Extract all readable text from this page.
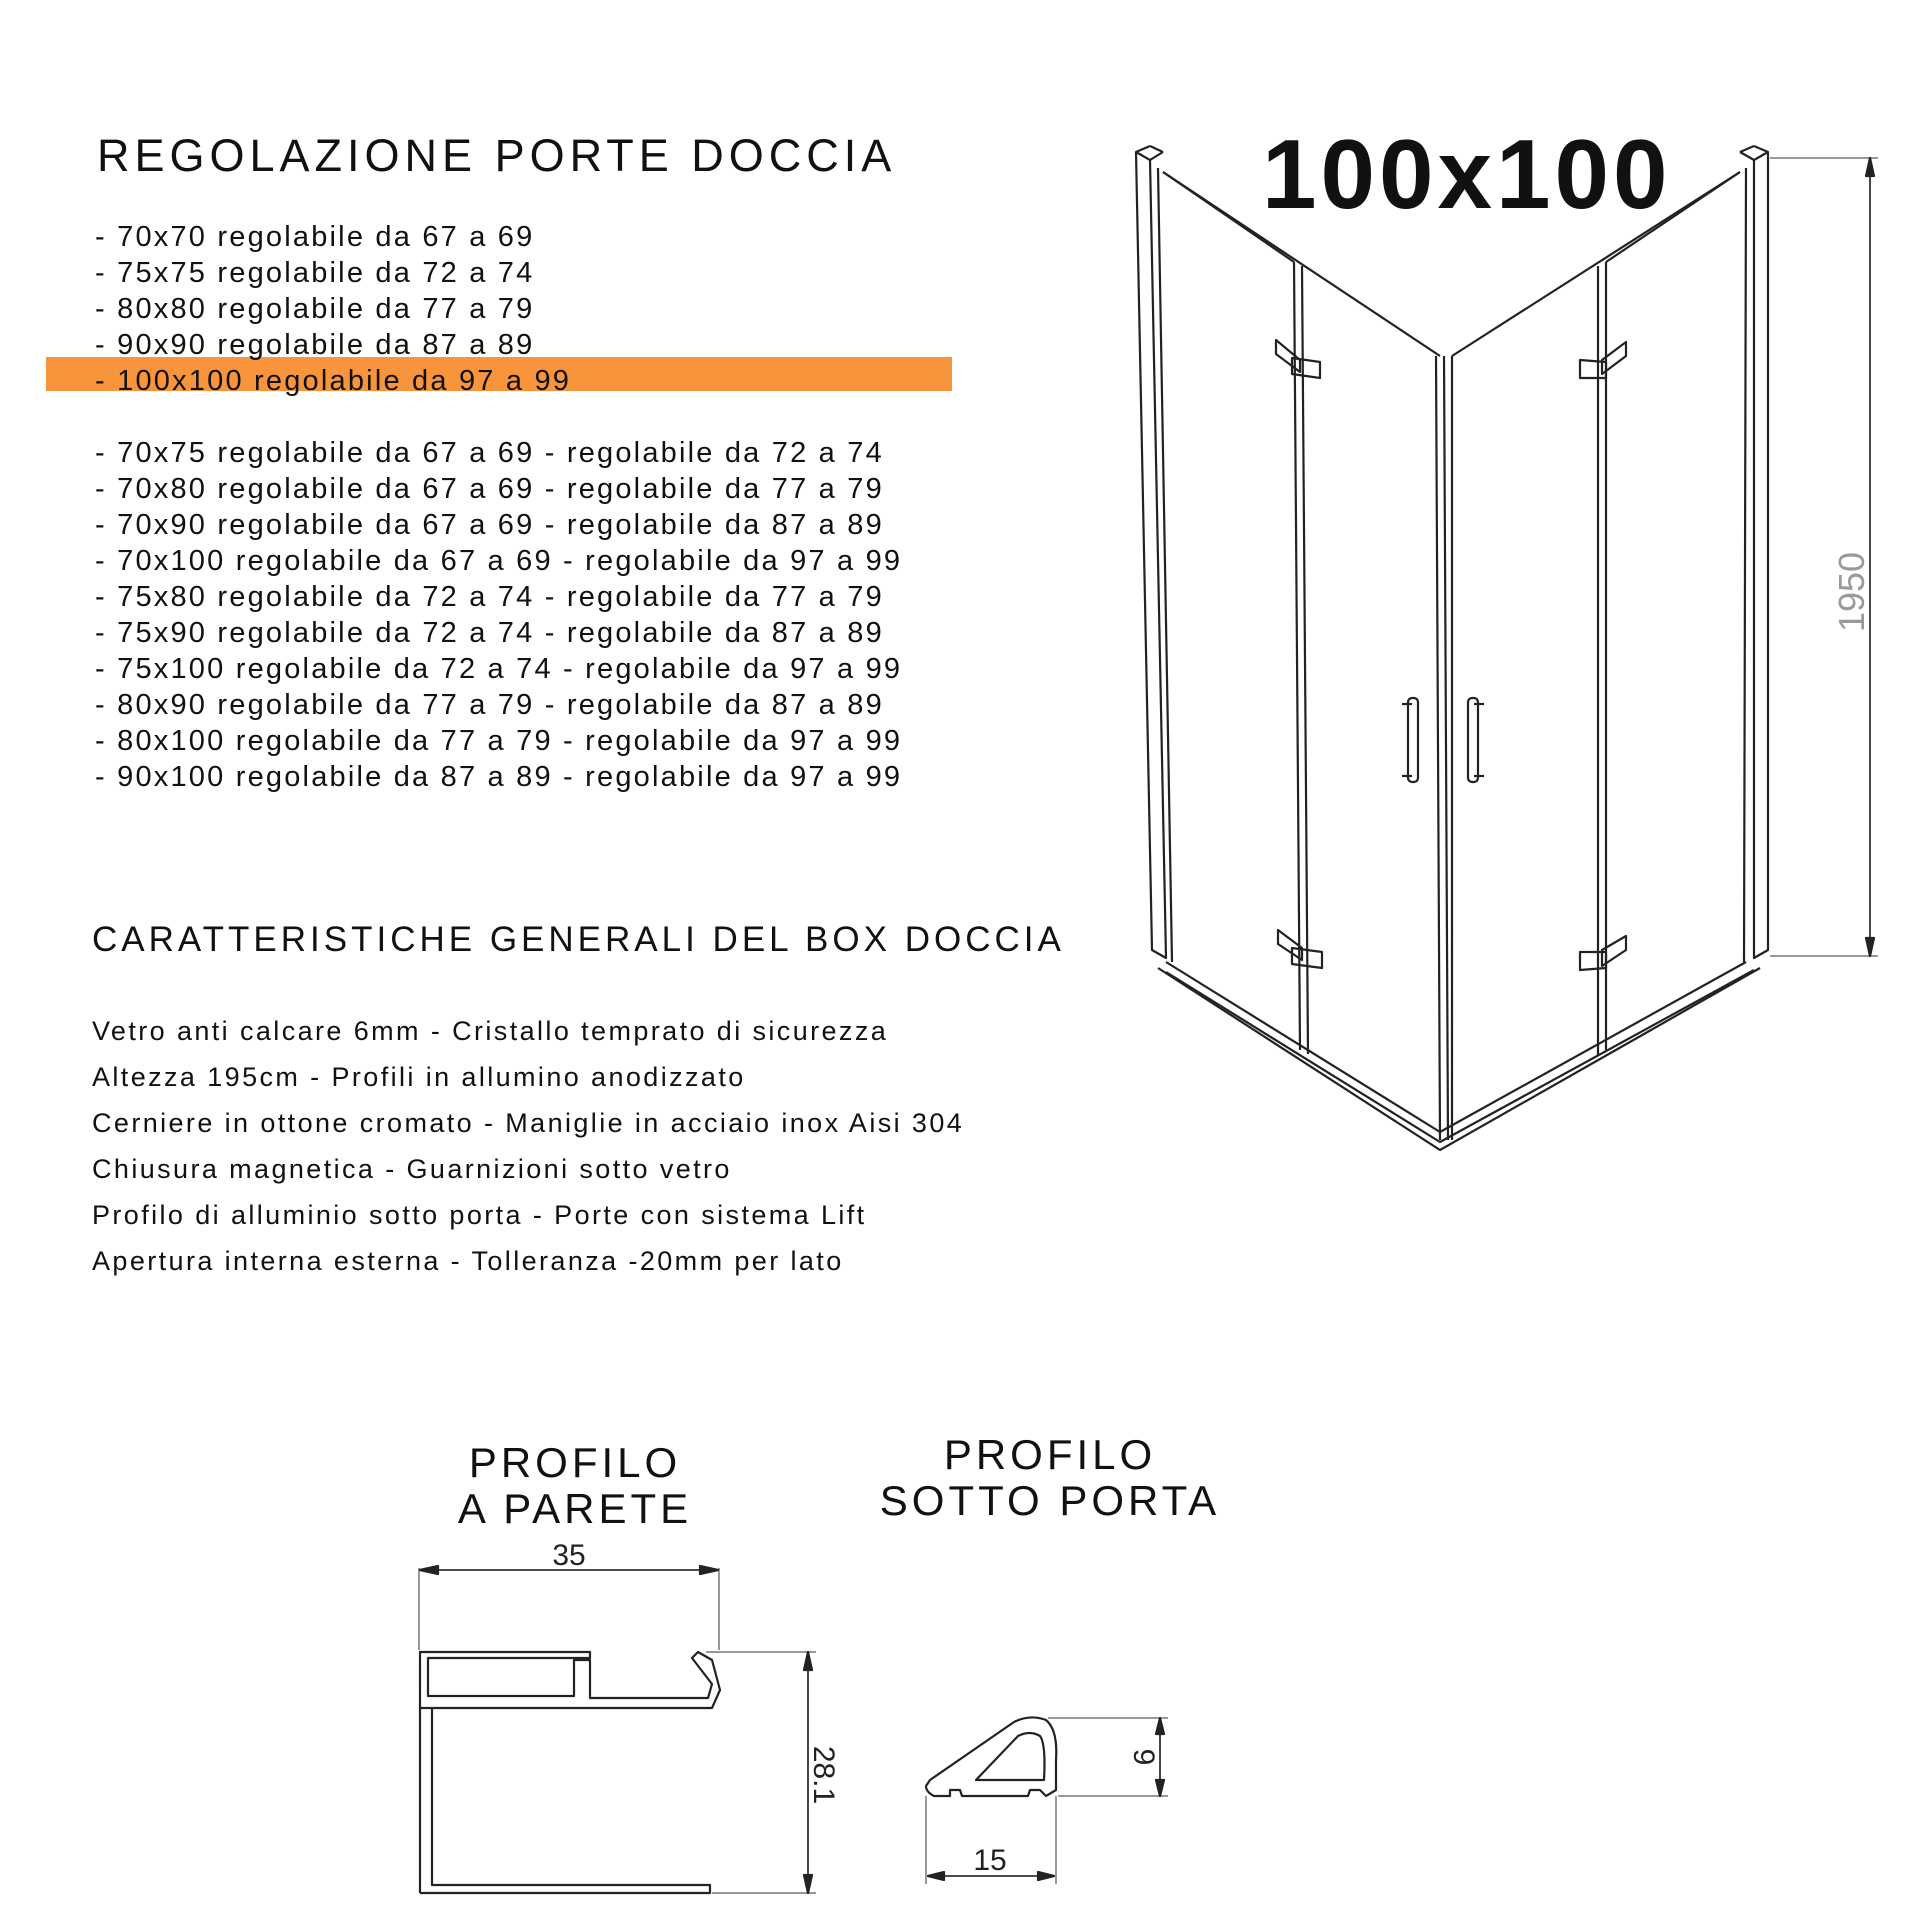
REGOLAZIONE PORTE DOCCIA
- 70x70 regolabile da 67 a 69
- 75x75 regolabile da 72 a 74
- 80x80 regolabile da 77 a 79
- 90x90 regolabile da 87 a 89
- 100x100 regolabile da 97 a 99
- 70x75 regolabile da 67 a 69 - regolabile da 72 a 74
- 70x80 regolabile da 67 a 69 - regolabile da 77 a 79
- 70x90 regolabile da 67 a 69 - regolabile da 87 a 89
- 70x100 regolabile da 67 a 69 - regolabile da 97 a 99
- 75x80 regolabile da 72 a 74 - regolabile da 77 a 79
- 75x90 regolabile da 72 a 74 - regolabile da 87 a 89
- 75x100 regolabile da 72 a 74 - regolabile da 97 a 99
- 80x90 regolabile da 77 a 79 - regolabile da 87 a 89
- 80x100 regolabile da 77 a 79 - regolabile da 97 a 99
- 90x100 regolabile da 87 a 89 - regolabile da 97 a 99
CARATTERISTICHE GENERALI DEL BOX DOCCIA
Vetro anti calcare 6mm - Cristallo temprato di sicurezza
Altezza 195cm - Profili in allumino anodizzato
Cerniere in ottone cromato - Maniglie in acciaio inox Aisi 304
Chiusura magnetica - Guarnizioni sotto vetro
Profilo di alluminio sotto porta - Porte con sistema Lift
Apertura interna esterna - Tolleranza -20mm per lato
100x100
1950
PROFILO
A PARETE
PROFILO
SOTTO PORTA
35
28.1	9
15
